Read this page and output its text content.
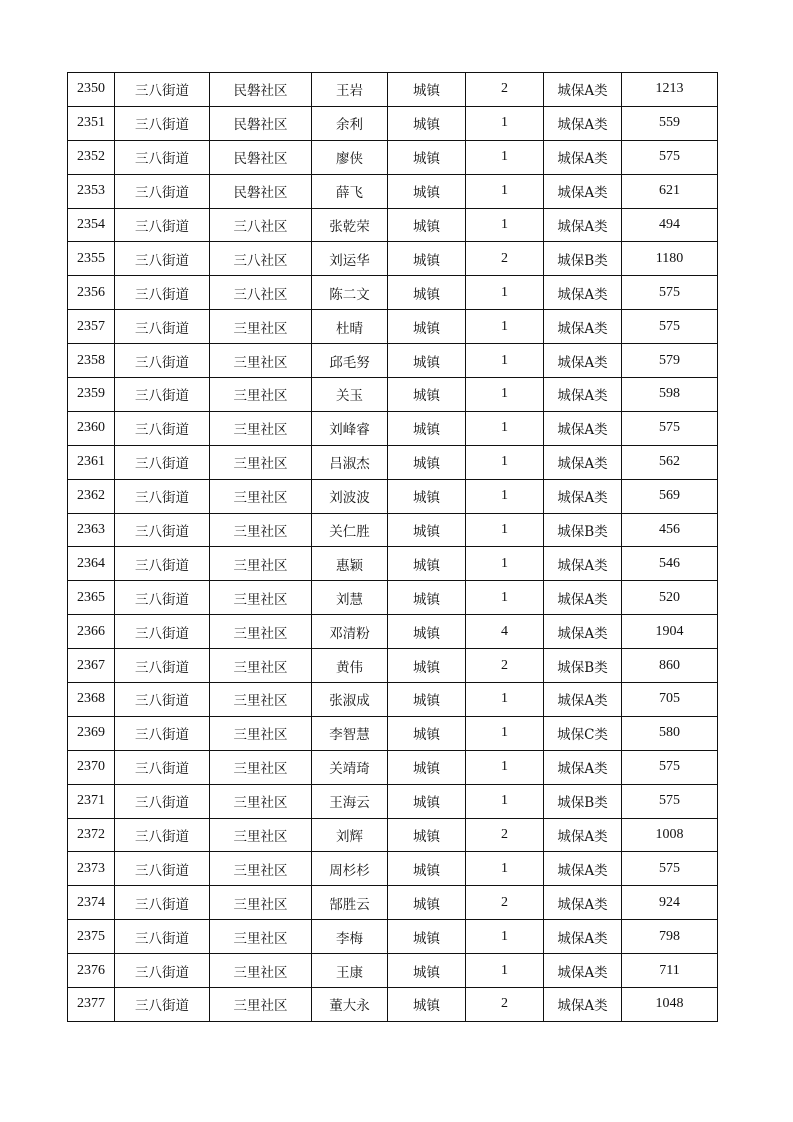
2350	三八街道	民磐社区	王岩	城镇	2	城保A类	1213
2351	三八街道	民磐社区	余利	城镇	1	城保A类	559
2352	三八街道	民磐社区	廖侠	城镇	1	城保A类	575
2353	三八街道	民磐社区	薛飞	城镇	1	城保A类	621
2354	三八街道	三八社区	张乾荣	城镇	1	城保A类	494
2355	三八街道	三八社区	刘运华	城镇	2	城保B类	1180
2356	三八街道	三八社区	陈二文	城镇	1	城保A类	575
2357	三八街道	三里社区	杜晴	城镇	1	城保A类	575
2358	三八街道	三里社区	邱毛努	城镇	1	城保A类	579
2359	三八街道	三里社区	关玉	城镇	1	城保A类	598
2360	三八街道	三里社区	刘峰睿	城镇	1	城保A类	575
2361	三八街道	三里社区	吕淑杰	城镇	1	城保A类	562
2362	三八街道	三里社区	刘波波	城镇	1	城保A类	569
2363	三八街道	三里社区	关仁胜	城镇	1	城保B类	456
2364	三八街道	三里社区	惠颖	城镇	1	城保A类	546
2365	三八街道	三里社区	刘慧	城镇	1	城保A类	520
2366	三八街道	三里社区	邓清粉	城镇	4	城保A类	1904
2367	三八街道	三里社区	黄伟	城镇	2	城保B类	860
2368	三八街道	三里社区	张淑成	城镇	1	城保A类	705
2369	三八街道	三里社区	李智慧	城镇	1	城保C类	580
2370	三八街道	三里社区	关靖琦	城镇	1	城保A类	575
2371	三八街道	三里社区	王海云	城镇	1	城保B类	575
2372	三八街道	三里社区	刘辉	城镇	2	城保A类	1008
2373	三八街道	三里社区	周杉杉	城镇	1	城保A类	575
2374	三八街道	三里社区	郜胜云	城镇	2	城保A类	924
2375	三八街道	三里社区	李梅	城镇	1	城保A类	798
2376	三八街道	三里社区	王康	城镇	1	城保A类	711
2377	三八街道	三里社区	董大永	城镇	2	城保A类	1048
